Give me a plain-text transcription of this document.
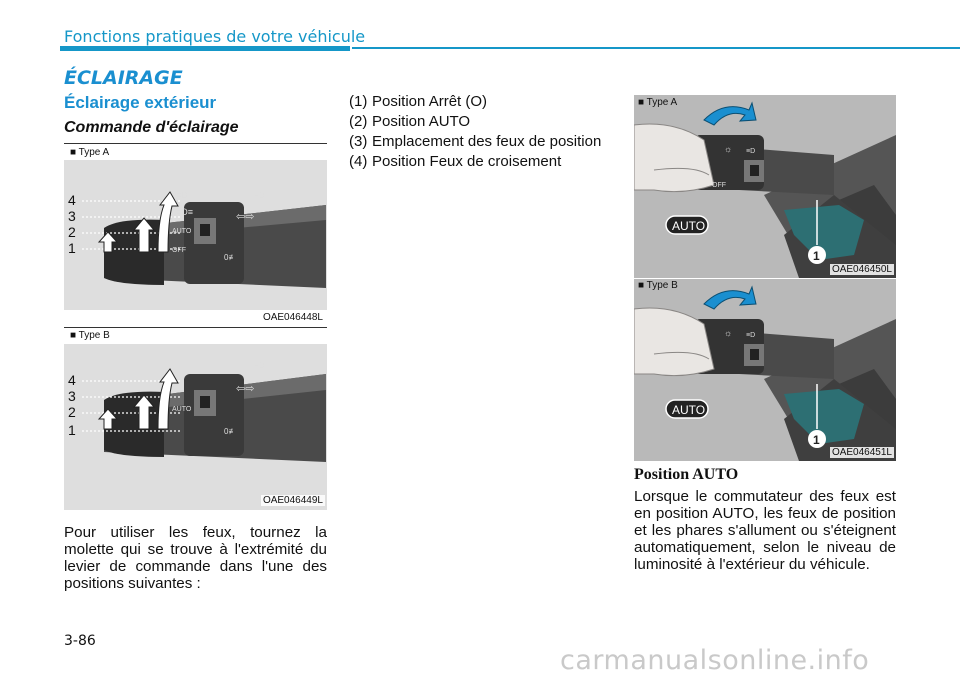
Fonctions pratiques de votre véhicule
ÉCLAIRAGE
Éclairage extérieur
Commande d'éclairage
■ Type A
≡D
≡D≡
AUTO
OFF
⇦⇨
≡D
0≢
4
3
2
1
OAE046448L
■ Type B
AUTO
⇦⇨
≡D
0≢
4
3
2
1
OAE046449L
Pour utiliser les feux, tournez la molette qui se trouve à l'extrémité du levier de commande dans l'une des positions suivantes :
(1) Position Arrêt (O)
(2) Position AUTO
(3) Emplacement des feux de position
(4) Position Feux de croisement
☼ ≡D
OFF
AUTO
1
■ Type A
OAE046450L
☼ ≡D
AUTO
1
■ Type B
OAE046451L
Position AUTO
Lorsque le commutateur des feux est en position AUTO, les feux de position et les phares s'allument ou s'éteignent automatiquement, selon le niveau de luminosité à l'extérieur du véhicule.
3-86
carmanualsonline.info
